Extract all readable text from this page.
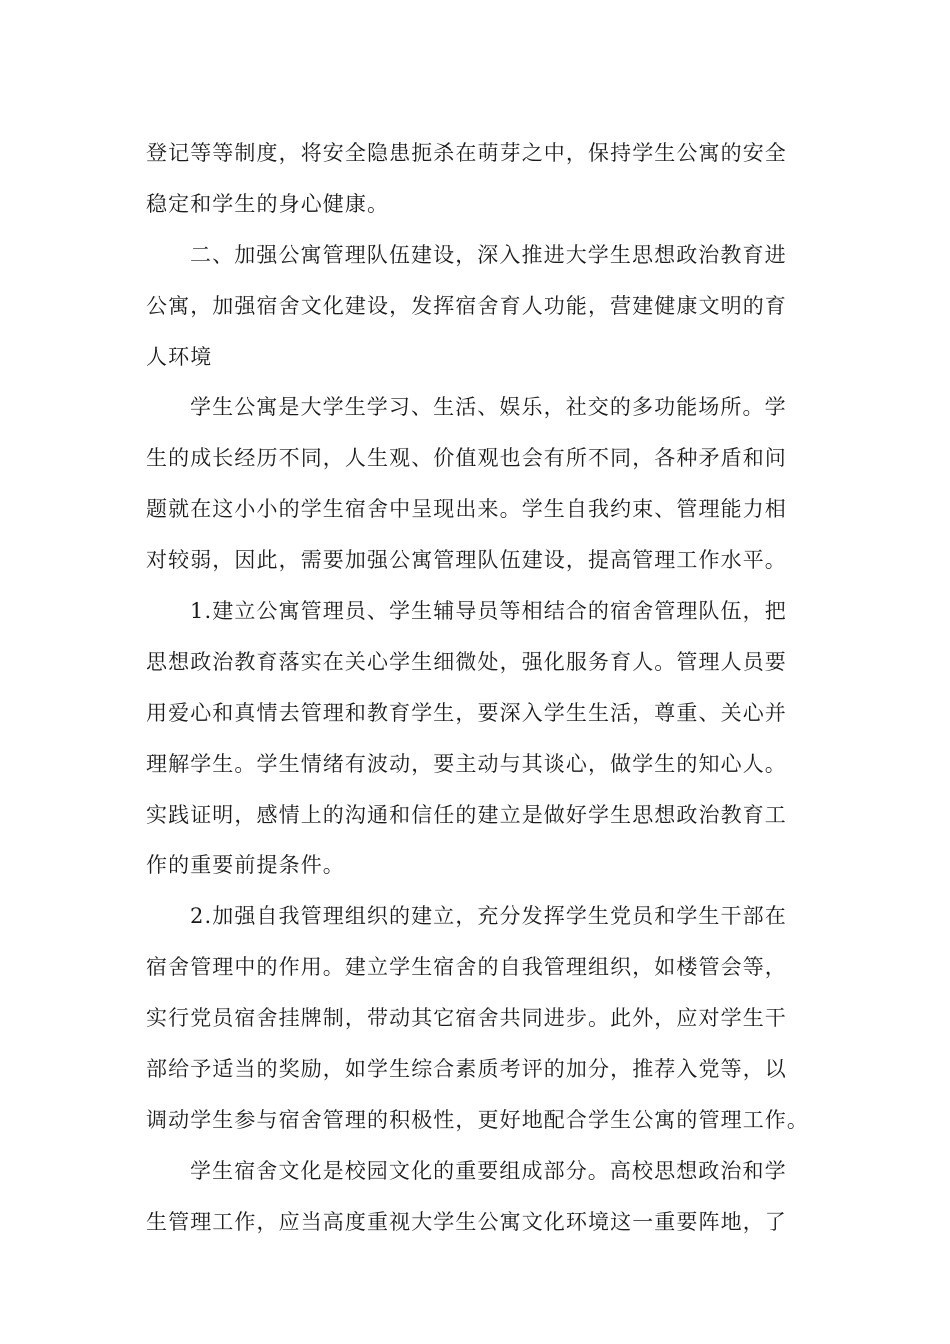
登记等等制度，将安全隐患扼杀在萌芽之中，保持学生公寓的安全
稳定和学生的身心健康。
二、加强公寓管理队伍建设，深入推进大学生思想政治教育进
公寓，加强宿舍文化建设，发挥宿舍育人功能，营建健康文明的育
人环境
学生公寓是大学生学习、生活、娱乐，社交的多功能场所。学
生的成长经历不同，人生观、价值观也会有所不同，各种矛盾和问
题就在这小小的学生宿舍中呈现出来。学生自我约束、管理能力相
对较弱，因此，需要加强公寓管理队伍建设，提高管理工作水平。
1.建立公寓管理员、学生辅导员等相结合的宿舍管理队伍，把
思想政治教育落实在关心学生细微处，强化服务育人。管理人员要
用爱心和真情去管理和教育学生，要深入学生生活，尊重、关心并
理解学生。学生情绪有波动，要主动与其谈心，做学生的知心人。
实践证明，感情上的沟通和信任的建立是做好学生思想政治教育工
作的重要前提条件。
2.加强自我管理组织的建立，充分发挥学生党员和学生干部在
宿舍管理中的作用。建立学生宿舍的自我管理组织，如楼管会等，
实行党员宿舍挂牌制，带动其它宿舍共同进步。此外，应对学生干
部给予适当的奖励，如学生综合素质考评的加分，推荐入党等，以
调动学生参与宿舍管理的积极性，更好地配合学生公寓的管理工作。
学生宿舍文化是校园文化的重要组成部分。高校思想政治和学
生管理工作，应当高度重视大学生公寓文化环境这一重要阵地，了
